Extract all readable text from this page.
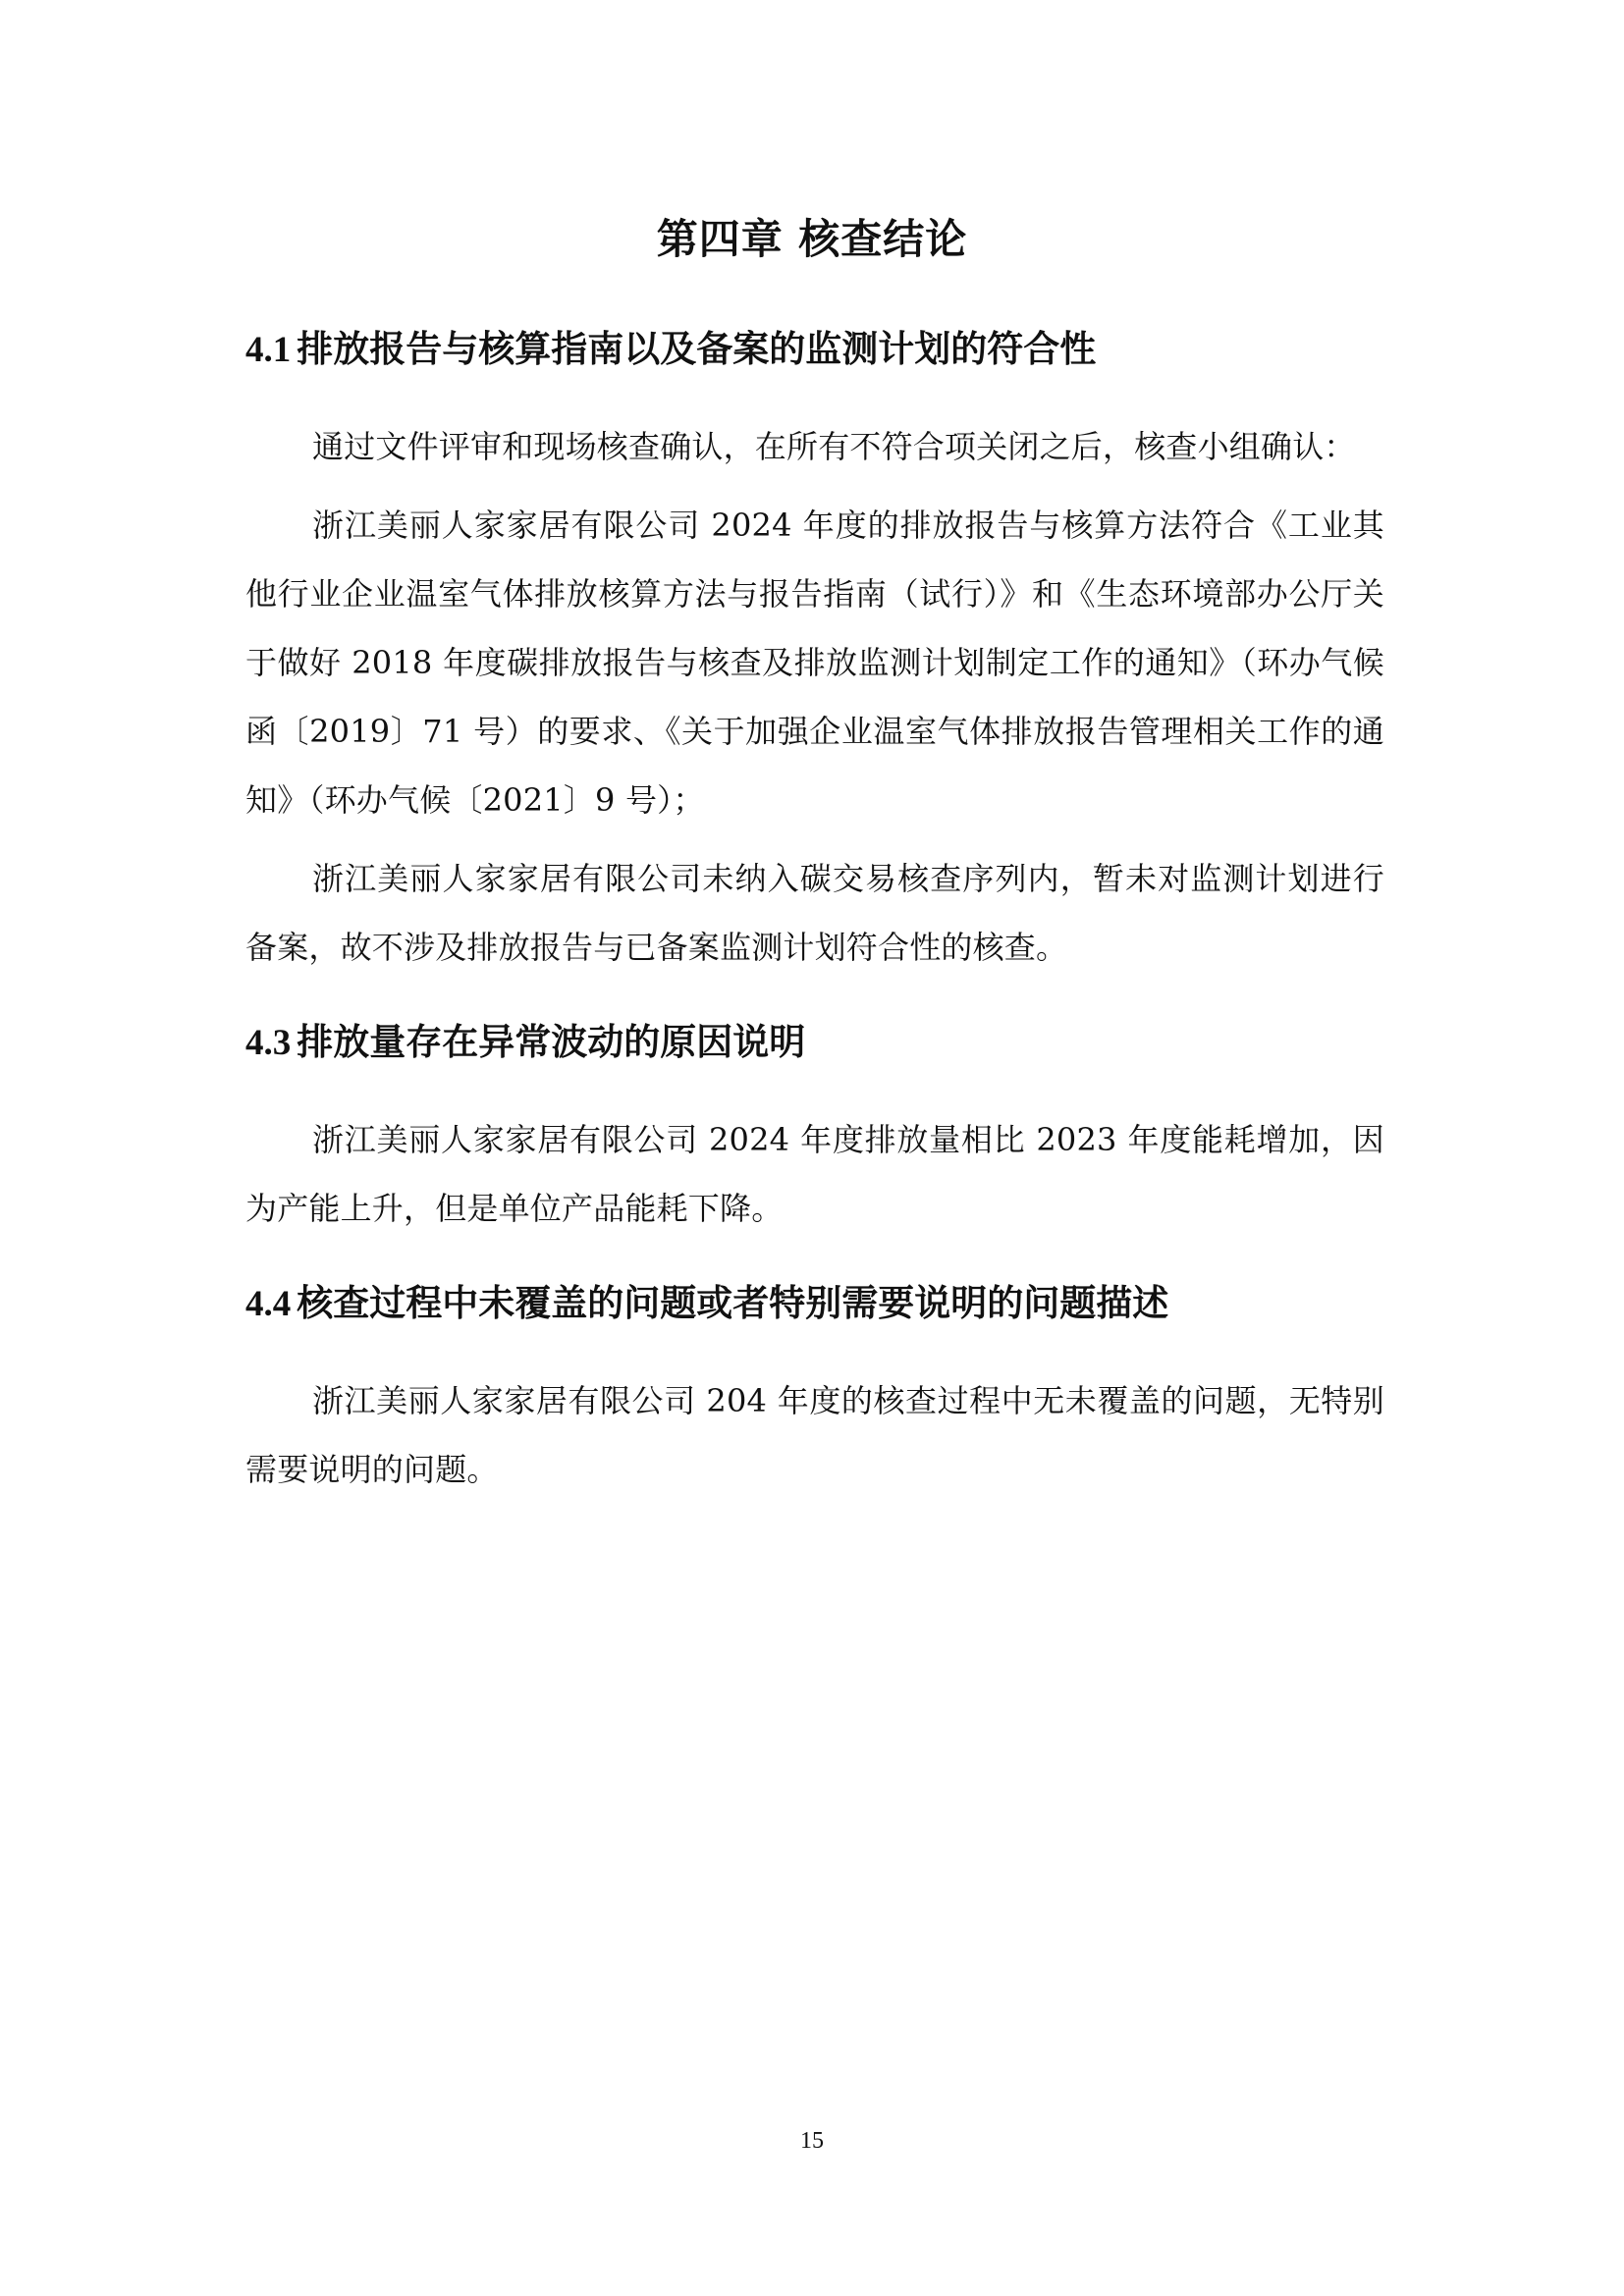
第四章 核查结论
4.1 排放报告与核算指南以及备案的监测计划的符合性

通过文件评审和现场核查确认，在所有不符合项关闭之后，核查小组确认：

浙江美丽人家家居有限公司 2024 年度的排放报告与核算方法符合《工业其他行业企业温室气体排放核算方法与报告指南（试行）》和《生态环境部办公厅关于做好 2018 年度碳排放报告与核查及排放监测计划制定工作的通知》（环办气候函〔2019〕71 号）的要求、《关于加强企业温室气体排放报告管理相关工作的通知》（环办气候〔2021〕9 号）；

浙江美丽人家家居有限公司未纳入碳交易核查序列内，暂未对监测计划进行备案，故不涉及排放报告与已备案监测计划符合性的核查。

4.3 排放量存在异常波动的原因说明

浙江美丽人家家居有限公司 2024 年度排放量相比 2023 年度能耗增加，因为产能上升，但是单位产品能耗下降。

4.4 核查过程中未覆盖的问题或者特别需要说明的问题描述

浙江美丽人家家居有限公司 204 年度的核查过程中无未覆盖的问题，无特别需要说明的问题。

15
